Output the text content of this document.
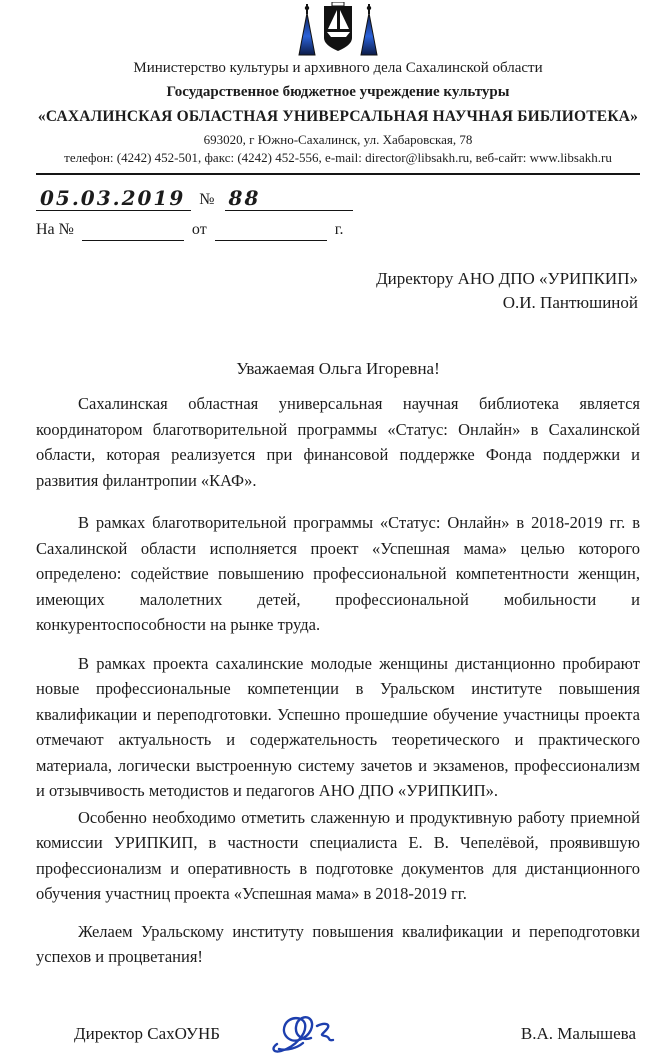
Министерство культуры и архивного дела Сахалинской области
Государственное бюджетное учреждение культуры
«САХАЛИНСКАЯ ОБЛАСТНАЯ УНИВЕРСАЛЬНАЯ НАУЧНАЯ БИБЛИОТЕКА»
693020, г Южно-Сахалинск, ул. Хабаровская, 78
телефон: (4242) 452-501, факс: (4242) 452-556, e-mail: director@libsakh.ru, веб-сайт: www.libsakh.ru
05.03.2019 № 88
На №
	от
	г.
Директору АНО ДПО «УРИПКИП»
О.И. Пантюшиной
Уважаемая Ольга Игоревна!

Сахалинская областная универсальная научная библиотека является координатором благотворительной программы «Статус: Онлайн» в Сахалинской области, которая реализуется при финансовой поддержке Фонда поддержки и развития филантропии «КАФ».

В рамках благотворительной программы «Статус: Онлайн» в 2018-2019 гг. в Сахалинской области исполняется проект «Успешная мама» целью которого определено: содействие повышению профессиональной компетентности женщин, имеющих малолетних детей, профессиональной мобильности и конкурентоспособности на рынке труда.

В рамках проекта сахалинские молодые женщины дистанционно пробирают новые профессиональные компетенции в Уральском институте повышения квалификации и переподготовки. Успешно прошедшие обучение участницы проекта отмечают актуальность и содержательность теоретического и практического материала, логически выстроенную систему зачетов и экзаменов, профессионализм и отзывчивость методистов и педагогов АНО ДПО «УРИПКИП».

Особенно необходимо отметить слаженную и продуктивную работу приемной комиссии УРИПКИП, в частности специалиста Е. В. Чепелёвой, проявившую профессионализм и оперативность в подготовке документов для дистанционного обучения участниц проекта «Успешная мама» в 2018-2019 гг.

Желаем Уральскому институту повышения квалификации и переподготовки успехов и процветания!

Директор СахОУНБ	В.А. Малышева
